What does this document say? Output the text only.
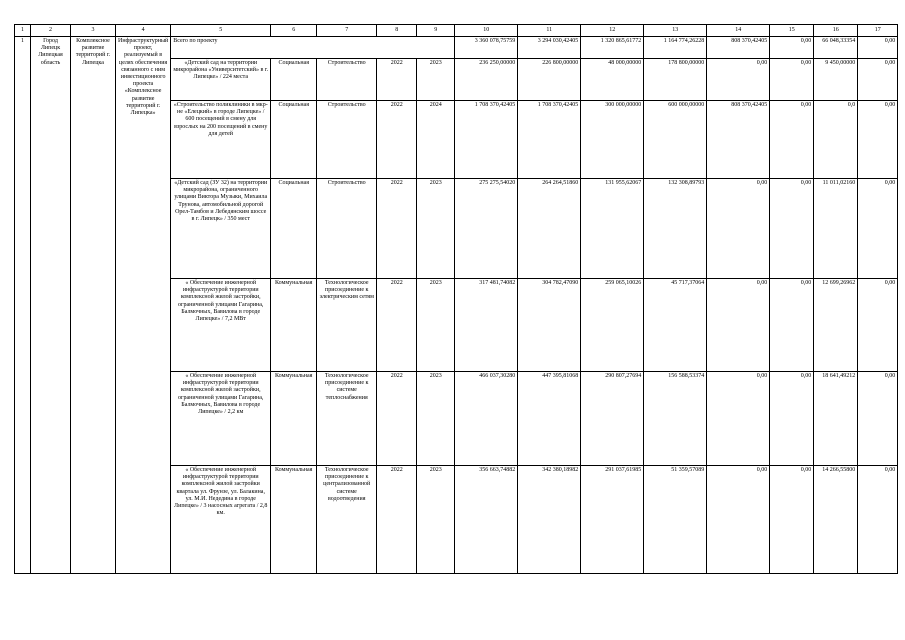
1	2	3	4	5	6	7	8	9	10	11	12	13	14	15	16	17
1	Город Липецк Липецкая область	Комплексное развитие территорий г. Липецка	Инфраструктурный проект, реализуемый в целях обеспечения связанного с ним инвестиционного проекта «Комплексное развитие территорий г. Липецка»	Всего по проекту					3 360 078,75759	3 294 030,42405	1 320 865,61772	1 164 774,26228	808 370,42405	0,00	66 048,33354	0,00
				«Детский сад на территории микрорайона «Университетский» в г. Липецке» / 224 места	Социальная	Строительство	2022	2023	236 250,00000	226 800,00000	48 000,00000	178 800,00000	0,00	0,00	9 450,00000	0,00
				«Строительство поликлиники в мкр-не «Елецкий» в городе Липецке» / 600 посещений в смену для взрослых на 200 посещений в смену для детей	Социальная	Строительство	2022	2024	1 708 370,42405	1 708 370,42405	300 000,00000	600 000,00000	808 370,42405	0,00	0,0	0,00
				«Детский сад (ЗУ 32) на территории микрорайона, ограниченного улицами Виктора Музыки, Михаила Трунова, автомобильной дорогой Орел-Тамбов и Лебедянским шоссе в г. Липецк» / 350 мест	Социальная	Строительство	2022	2023	275 275,54020	264 264,51860	131 955,62067	132 308,89793	0,00	0,00	11 011,02160	0,00
				« Обеспечение инженерной инфраструктурой территории комплексной жилой застройки, ограниченной улицами Гагарина, Балмочных, Вавилова в городе Липецке» / 7,2 МВт	Коммунальная	Технологическое присоединение к электрическим сетям	2022	2023	317 481,74082	304 782,47090	259 065,10026	45 717,37064	0,00	0,00	12 699,26962	0,00
				« Обеспечение инженерной инфраструктурой территории комплексной жилой застройки, ограниченной улицами Гагарина, Балмочных, Вавилова в городе Липецке» / 2,2 км	Коммунальная	Технологическое присоединение к системе теплоснабжения	2022	2023	466 037,30280	447 395,81068	290 807,27694	156 588,53374	0,00	0,00	18 641,49212	0,00
				« Обеспечение инженерной инфраструктурой территории комплексной жилой застройки квартала ул. Фрунзе, ул. Балакина, ул. М.И. Недедина в городе Липецке» / 3 насосных агрегата / 2,8 км.	Коммунальная	Технологическое присоединение к централизованной системе водоотведения	2022	2023	356 663,74882	342 380,18982	291 037,61985	51 359,57089	0,00	0,00	14 266,55800	0,00
